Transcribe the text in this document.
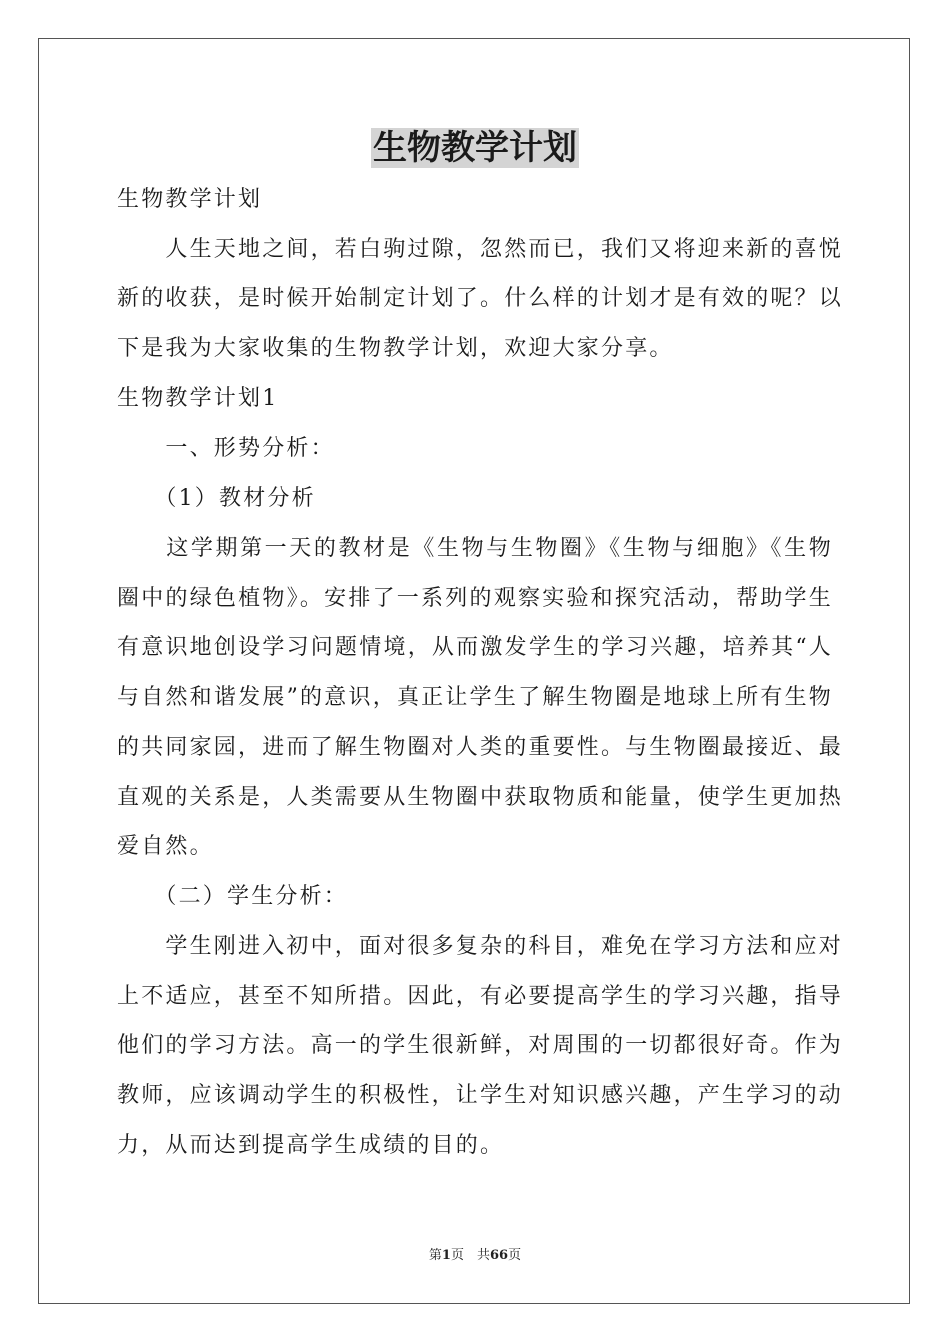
生物教学计划
生物教学计划
　　人生天地之间，若白驹过隙，忽然而已，我们又将迎来新的喜悦
新的收获，是时候开始制定计划了。什么样的计划才是有效的呢？以
下是我为大家收集的生物教学计划，欢迎大家分享。
生物教学计划1
　　一、形势分析：
　　（1）教材分析
　　这学期第一天的教材是《生物与生物圈》《生物与细胞》《生物
圈中的绿色植物》。安排了一系列的观察实验和探究活动，帮助学生
有意识地创设学习问题情境，从而激发学生的学习兴趣，培养其“人
与自然和谐发展”的意识，真正让学生了解生物圈是地球上所有生物
的共同家园，进而了解生物圈对人类的重要性。与生物圈最接近、最
直观的关系是，人类需要从生物圈中获取物质和能量，使学生更加热
爱自然。
　　（二）学生分析：
　　学生刚进入初中，面对很多复杂的科目，难免在学习方法和应对
上不适应，甚至不知所措。因此，有必要提高学生的学习兴趣，指导
他们的学习方法。高一的学生很新鲜，对周围的一切都很好奇。作为
教师，应该调动学生的积极性，让学生对知识感兴趣，产生学习的动
力，从而达到提高学生成绩的目的。
第1页　共66页
